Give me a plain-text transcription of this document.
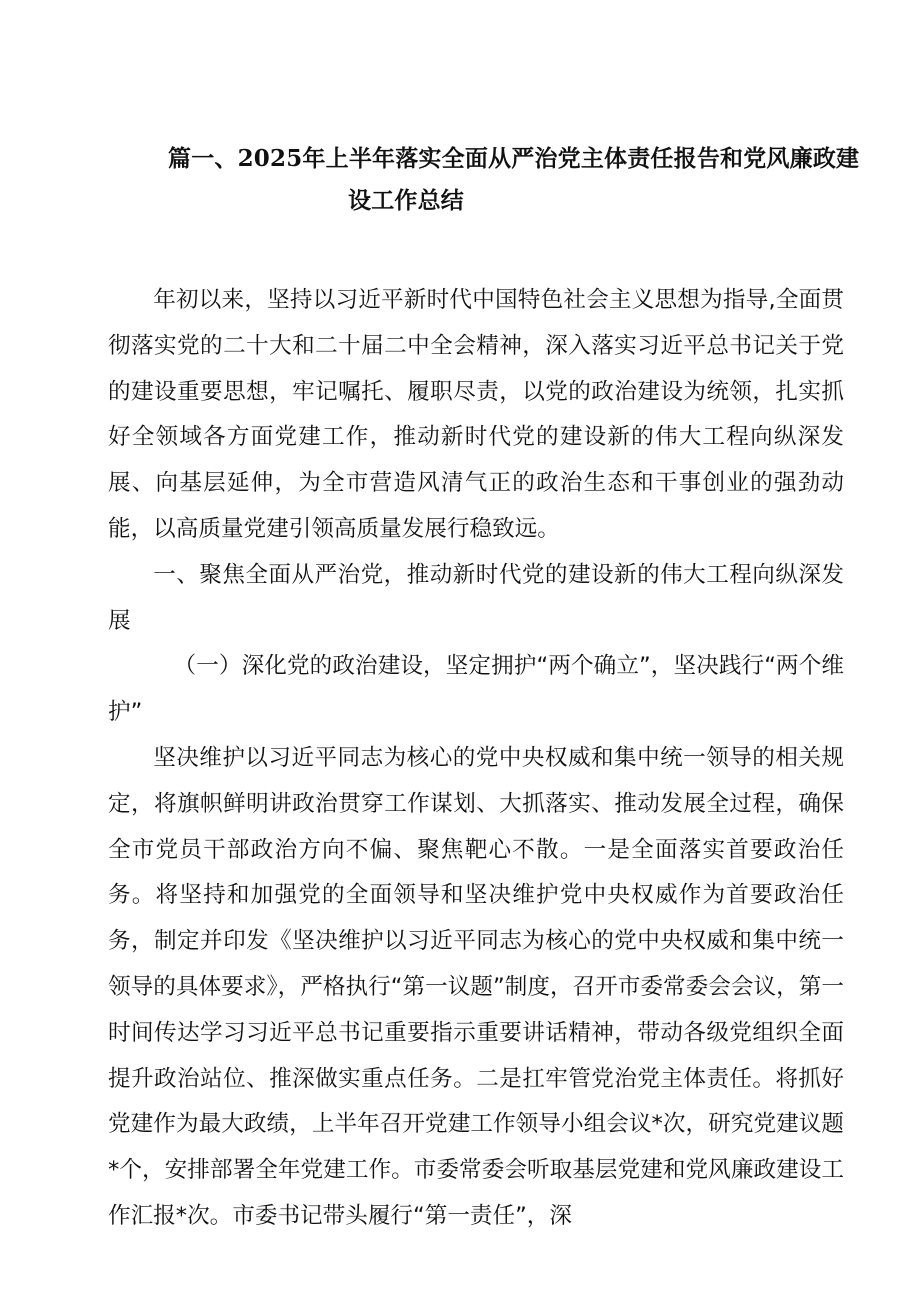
篇一、2025年上半年落实全面从严治党主体责任报告和党风廉政建
设工作总结

年初以来，坚持以习近平新时代中国特色社会主义思想为指导,全面贯彻落实党的二十大和二十届二中全会精神，深入落实习近平总书记关于党的建设重要思想，牢记嘱托、履职尽责，以党的政治建设为统领，扎实抓好全领域各方面党建工作，推动新时代党的建设新的伟大工程向纵深发展、向基层延伸，为全市营造风清气正的政治生态和干事创业的强劲动能，以高质量党建引领高质量发展行稳致远。

一、聚焦全面从严治党，推动新时代党的建设新的伟大工程向纵深发展

（一）深化党的政治建设，坚定拥护“两个确立”，坚决践行“两个维护”

坚决维护以习近平同志为核心的党中央权威和集中统一领导的相关规定，将旗帜鲜明讲政治贯穿工作谋划、大抓落实、推动发展全过程，确保全市党员干部政治方向不偏、聚焦靶心不散。一是全面落实首要政治任务。将坚持和加强党的全面领导和坚决维护党中央权威作为首要政治任务，制定并印发《坚决维护以习近平同志为核心的党中央权威和集中统一领导的具体要求》，严格执行“第一议题”制度，召开市委常委会会议，第一时间传达学习习近平总书记重要指示重要讲话精神，带动各级党组织全面提升政治站位、推深做实重点任务。二是扛牢管党治党主体责任。将抓好党建作为最大政绩，上半年召开党建工作领导小组会议*次，研究党建议题*个，安排部署全年党建工作。市委常委会听取基层党建和党风廉政建设工作汇报*次。市委书记带头履行“第一责任”，深
